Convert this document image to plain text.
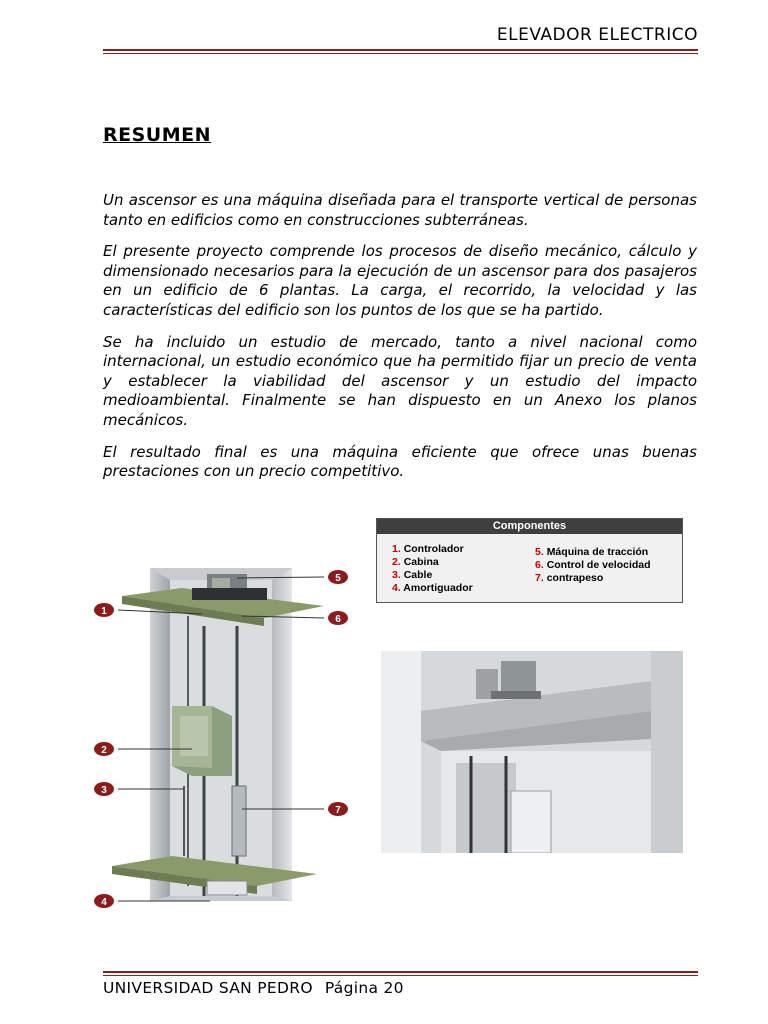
ELEVADOR ELECTRICO
RESUMEN

Un ascensor es una máquina diseñada para el transporte vertical de personas tanto en edificios como en construcciones subterráneas.

El presente proyecto comprende los procesos de diseño mecánico, cálculo y dimensionado necesarios para la ejecución de un ascensor para dos pasajeros en un edificio de 6 plantas. La carga, el recorrido, la velocidad y las características del edificio son los puntos de los que se ha partido.

Se ha incluido un estudio de mercado, tanto a nivel nacional como internacional, un estudio económico que ha permitido fijar un precio de venta y establecer la viabilidad del ascensor y un estudio del impacto medioambiental. Finalmente se han dispuesto en un Anexo los planos mecánicos.

El resultado final es una máquina eficiente que ofrece unas buenas prestaciones con un precio competitivo.

Componentes
1. Controlador
2. Cabina
3. Cable
4. Amortiguador
5. Máquina de tracción
6. Control de velocidad
7. contrapeso
1
2
3
4
5
6
7
UNIVERSIDAD SAN PEDRO Página 20
